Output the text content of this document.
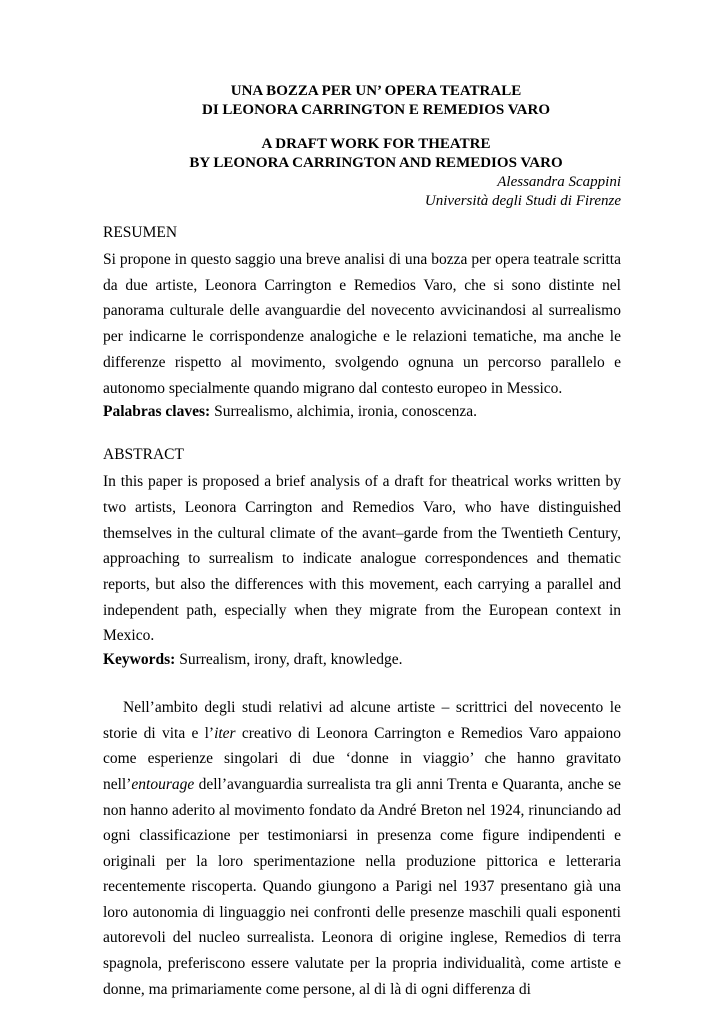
UNA BOZZA PER UN’ OPERA TEATRALE
DI LEONORA CARRINGTON E REMEDIOS VARO
A DRAFT WORK FOR THEATRE
BY LEONORA CARRINGTON AND REMEDIOS VARO
Alessandra Scappini
Università degli Studi di Firenze
RESUMEN

Si propone in questo saggio una breve analisi di una bozza per opera teatrale scritta da due artiste, Leonora Carrington e Remedios Varo, che si sono distinte nel panorama culturale delle avanguardie del novecento avvicinandosi al surrealismo per indicarne le corrispondenze analogiche e le relazioni tematiche, ma anche le differenze rispetto al movimento, svolgendo ognuna un percorso parallelo e autonomo specialmente quando migrano dal contesto europeo in Messico.

Palabras claves: Surrealismo, alchimia, ironia, conoscenza.

ABSTRACT

In this paper is proposed a brief analysis of a draft for theatrical works written by two artists, Leonora Carrington and Remedios Varo, who have distinguished themselves in the cultural climate of the avant–garde from the Twentieth Century, approaching to surrealism to indicate analogue correspondences and thematic reports, but also the differences with this movement, each carrying a parallel and independent path, especially when they migrate from the European context in Mexico.

Keywords: Surrealism, irony, draft, knowledge.

Nell’ambito degli studi relativi ad alcune artiste – scrittrici del novecento le storie di vita e l’iter creativo di Leonora Carrington e Remedios Varo appaiono come esperienze singolari di due ‘donne in viaggio’ che hanno gravitato nell’entourage dell’avanguardia surrealista tra gli anni Trenta e Quaranta, anche se non hanno aderito al movimento fondato da André Breton nel 1924, rinunciando ad ogni classificazione per testimoniarsi in presenza come figure indipendenti e originali per la loro sperimentazione nella produzione pittorica e letteraria recentemente riscoperta. Quando giungono a Parigi nel 1937 presentano già una loro autonomia di linguaggio nei confronti delle presenze maschili quali esponenti autorevoli del nucleo surrealista. Leonora di origine inglese, Remedios di terra spagnola, preferiscono essere valutate per la propria individualità, come artiste e donne, ma primariamente come persone, al di là di ogni differenza di
